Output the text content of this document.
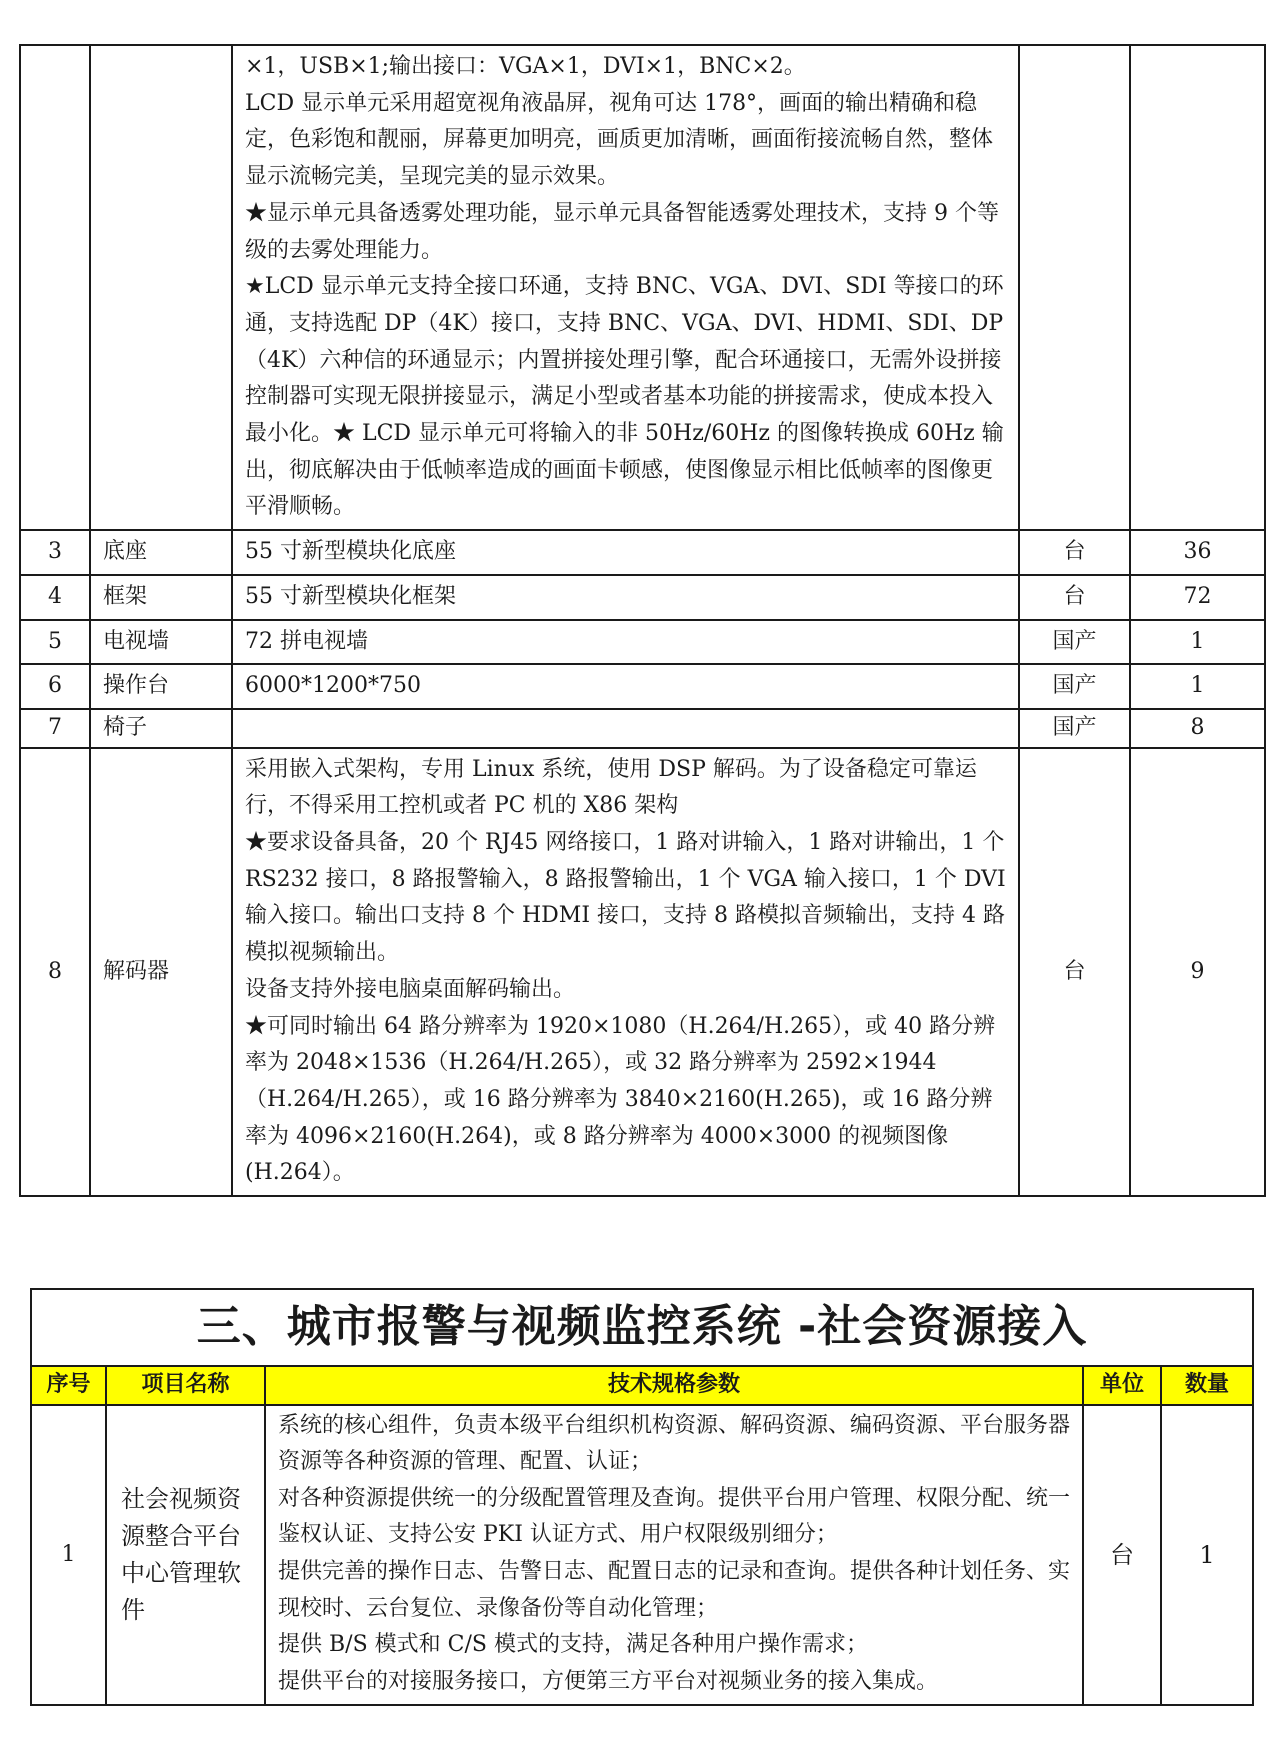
		×1，USB×1;输出接口：VGA×1，DVI×1，BNC×2。
LCD 显示单元采用超宽视角液晶屏，视角可达 178°，画面的输出精确和稳定，色彩饱和靓丽，屏幕更加明亮，画质更加清晰，画面衔接流畅自然，整体显示流畅完美，呈现完美的显示效果。
★显示单元具备透雾处理功能，显示单元具备智能透雾处理技术，支持 9 个等级的去雾处理能力。
★LCD 显示单元支持全接口环通，支持 BNC、VGA、DVI、SDI 等接口的环通，支持选配 DP（4K）接口，支持 BNC、VGA、DVI、HDMI、SDI、DP（4K）六种信的环通显示；内置拼接处理引擎，配合环通接口，无需外设拼接控制器可实现无限拼接显示，满足小型或者基本功能的拼接需求，使成本投入最小化。★ LCD 显示单元可将输入的非 50Hz/60Hz 的图像转换成 60Hz 输出，彻底解决由于低帧率造成的画面卡顿感，使图像显示相比低帧率的图像更平滑顺畅。		

3	底座	55 寸新型模块化底座	台	36
4	框架	55 寸新型模块化框架	台	72
5	电视墙	72 拼电视墙	国产	1
6	操作台	6000*1200*750	国产	1
7	椅子		国产	8
8	解码器	采用嵌入式架构，专用 Linux 系统，使用 DSP 解码。为了设备稳定可靠运行，不得采用工控机或者 PC 机的 X86 架构
★要求设备具备，20 个 RJ45 网络接口，1 路对讲输入，1 路对讲输出，1 个 RS232 接口，8 路报警输入，8 路报警输出，1 个 VGA 输入接口，1 个 DVI 输入接口。输出口支持 8 个 HDMI 接口，支持 8 路模拟音频输出，支持 4 路模拟视频输出。
设备支持外接电脑桌面解码输出。
★可同时输出 64 路分辨率为 1920×1080（H.264/H.265），或 40 路分辨率为 2048×1536（H.264/H.265），或 32 路分辨率为 2592×1944（H.264/H.265），或 16 路分辨率为 3840×2160(H.265)，或 16 路分辨率为 4096×2160(H.264)，或 8 路分辨率为 4000×3000 的视频图像(H.264）。	台	9
三、城市报警与视频监控系统 -社会资源接入				
序号	项目名称	技术规格参数	单位	数量
1	社会视频资源整合平台中心管理软件	系统的核心组件，负责本级平台组织机构资源、解码资源、编码资源、平台服务器资源等各种资源的管理、配置、认证；
对各种资源提供统一的分级配置管理及查询。提供平台用户管理、权限分配、统一鉴权认证、支持公安 PKI 认证方式、用户权限级别细分；
提供完善的操作日志、告警日志、配置日志的记录和查询。提供各种计划任务、实现校时、云台复位、录像备份等自动化管理；
提供 B/S 模式和 C/S 模式的支持，满足各种用户操作需求；
提供平台的对接服务接口，方便第三方平台对视频业务的接入集成。	台	1
